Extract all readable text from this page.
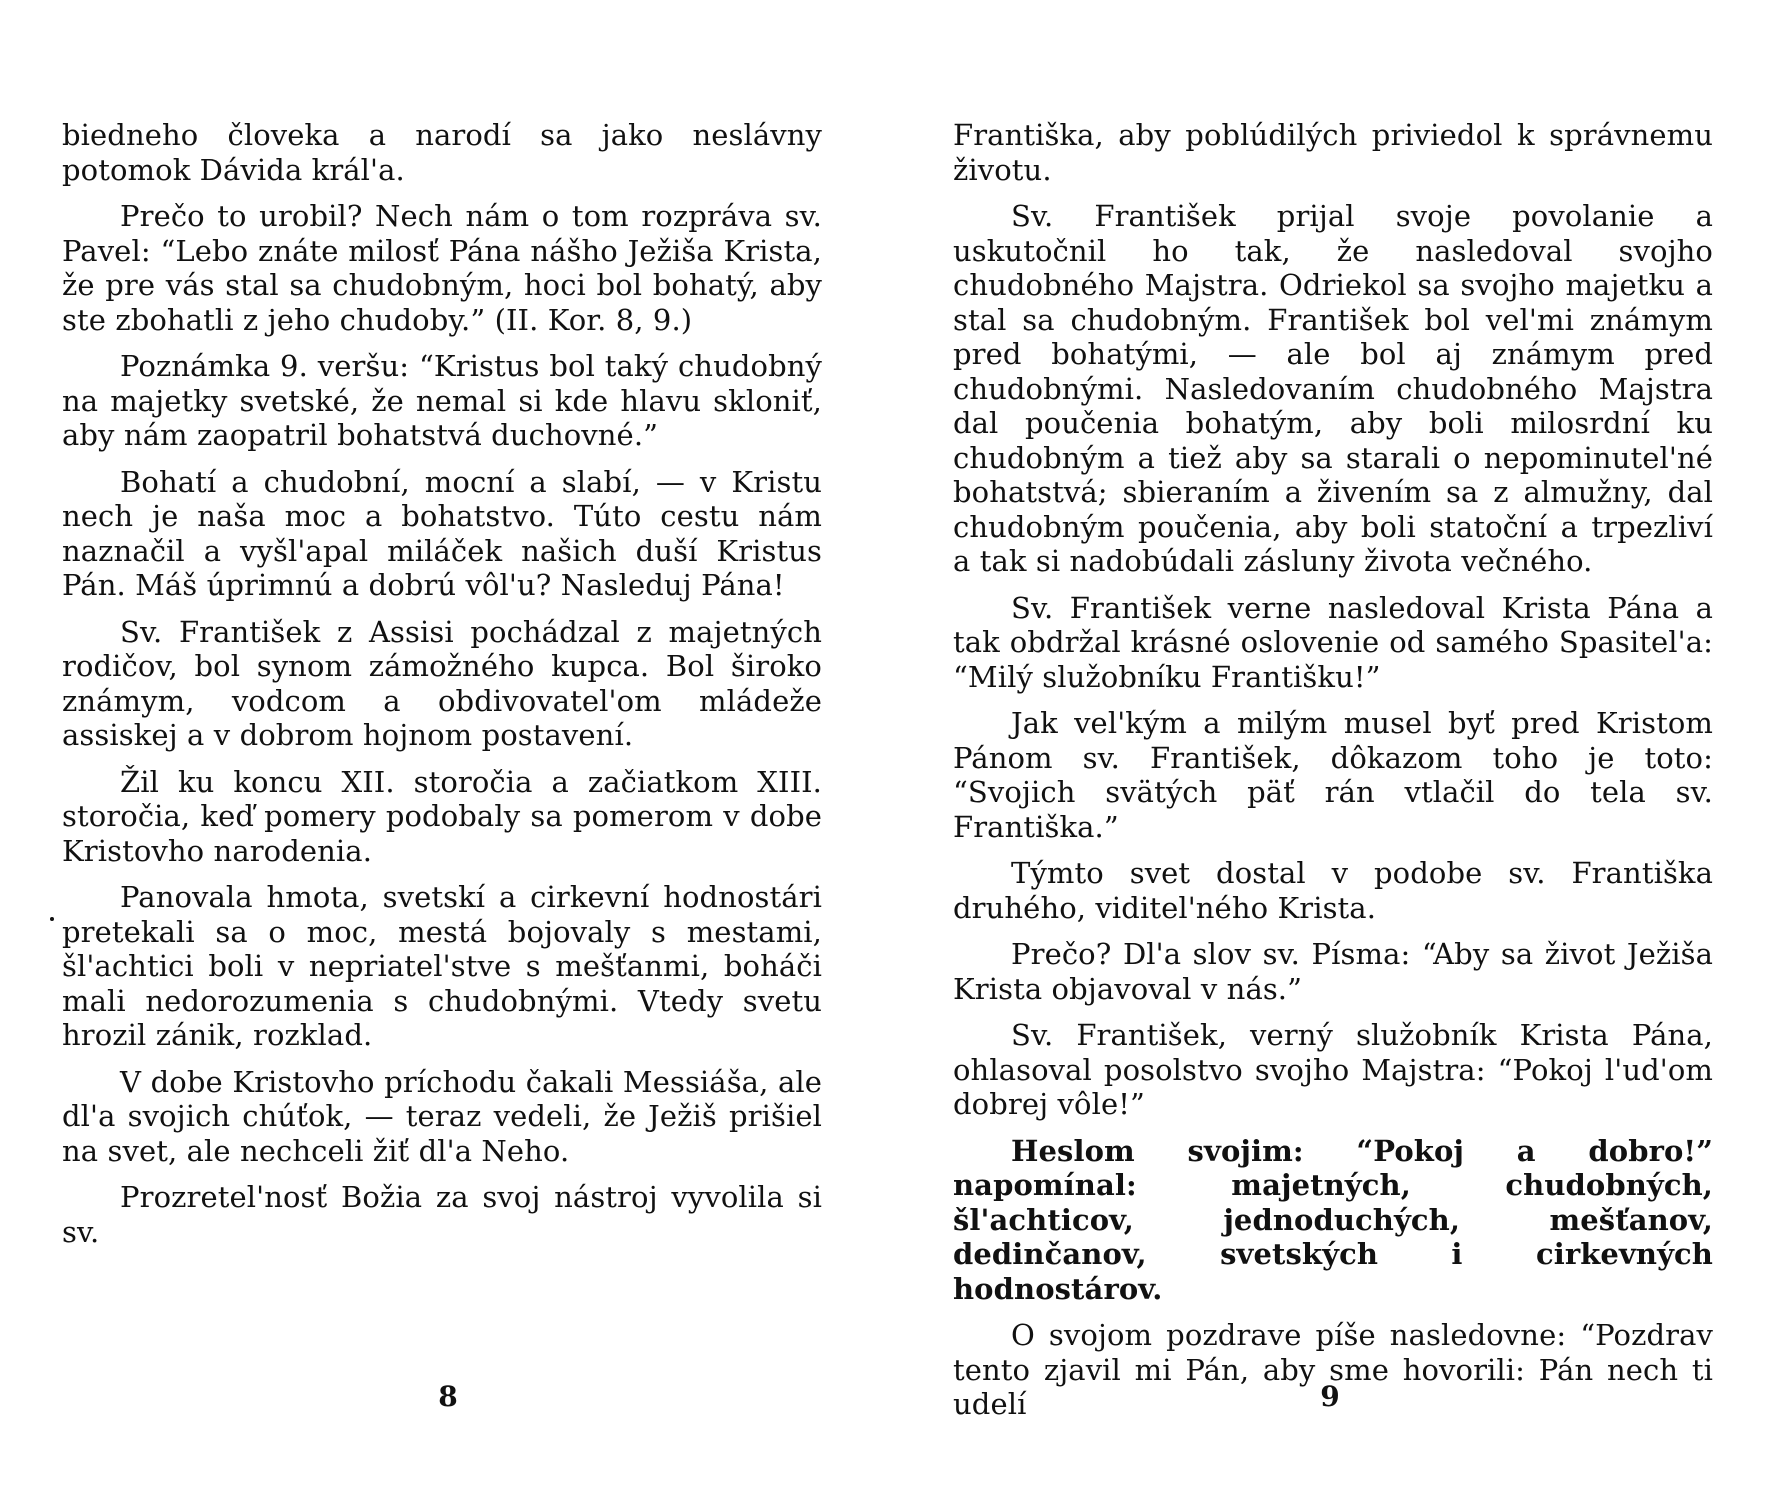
biedneho človeka a narodí sa jako neslávny potomok Dávida král'a.

Prečo to urobil? Nech nám o tom rozpráva sv. Pavel: “Lebo znáte milosť Pána nášho Ježiša Krista, že pre vás stal sa chudobným, hoci bol bohatý, aby ste zbohatli z jeho chudoby.” (II. Kor. 8, 9.)

Poznámka 9. veršu: “Kristus bol taký chudobný na majetky svetské, že nemal si kde hlavu skloniť, aby nám zaopatril bohatstvá duchovné.”

Bohatí a chudobní, mocní a slabí, — v Kristu nech je naša moc a bohatstvo. Túto cestu nám naznačil a vyšl'apal miláček našich duší Kristus Pán. Máš úprimnú a dobrú vôl'u? Nasleduj Pána!

Sv. František z Assisi pochádzal z majetných rodičov, bol synom zámožného kupca. Bol široko známym, vodcom a obdivovatel'om mládeže assiskej a v dobrom hojnom postavení.

Žil ku koncu XII. storočia a začiatkom XIII. storočia, keď pomery podobaly sa pomerom v dobe Kristovho narodenia.

Panovala hmota, svetskí a cirkevní hodnostári pretekali sa o moc, mestá bojovaly s mestami, šl'achtici boli v nepriatel'stve s mešťanmi, boháči mali nedorozumenia s chudobnými. Vtedy svetu hrozil zánik, rozklad.

V dobe Kristovho príchodu čakali Messiáša, ale dl'a svojich chúťok, — teraz vedeli, že Ježiš prišiel na svet, ale nechceli žiť dl'a Neho.

Prozretel'nosť Božia za svoj nástroj vyvolila si sv.

8

Františka, aby poblúdilých priviedol k správnemu životu.

Sv. František prijal svoje povolanie a uskutočnil ho tak, že nasledoval svojho chudobného Majstra. Odriekol sa svojho majetku a stal sa chudobným. František bol vel'mi známym pred bohatými, — ale bol aj známym pred chudobnými. Nasledovaním chudobného Majstra dal poučenia bohatým, aby boli milosrdní ku chudobným a tiež aby sa starali o nepominutel'né bohatstvá; sbieraním a živením sa z almužny, dal chudobným poučenia, aby boli statoční a trpezliví a tak si nadobúdali zásluny života večného.

Sv. František verne nasledoval Krista Pána a tak obdržal krásné oslovenie od samého Spasitel'a: “Milý služobníku Františku!”

Jak vel'kým a milým musel byť pred Kristom Pánom sv. František, dôkazom toho je toto: “Svojich svätých päť rán vtlačil do tela sv. Františka.”

Týmto svet dostal v podobe sv. Františka druhého, viditel'ného Krista.

Prečo? Dl'a slov sv. Písma: “Aby sa život Ježiša Krista objavoval v nás.”

Sv. František, verný služobník Krista Pána, ohlasoval posolstvo svojho Majstra: “Pokoj l'ud'om dobrej vôle!”

Heslom svojim: “Pokoj a dobro!” napomínal: majetných, chudobných, šl'achticov, jednoduchých, mešťanov, dedinčanov, svetských i cirkevných hodnostárov.

O svojom pozdrave píše nasledovne: “Pozdrav tento zjavil mi Pán, aby sme hovorili: Pán nech ti udelí	9
